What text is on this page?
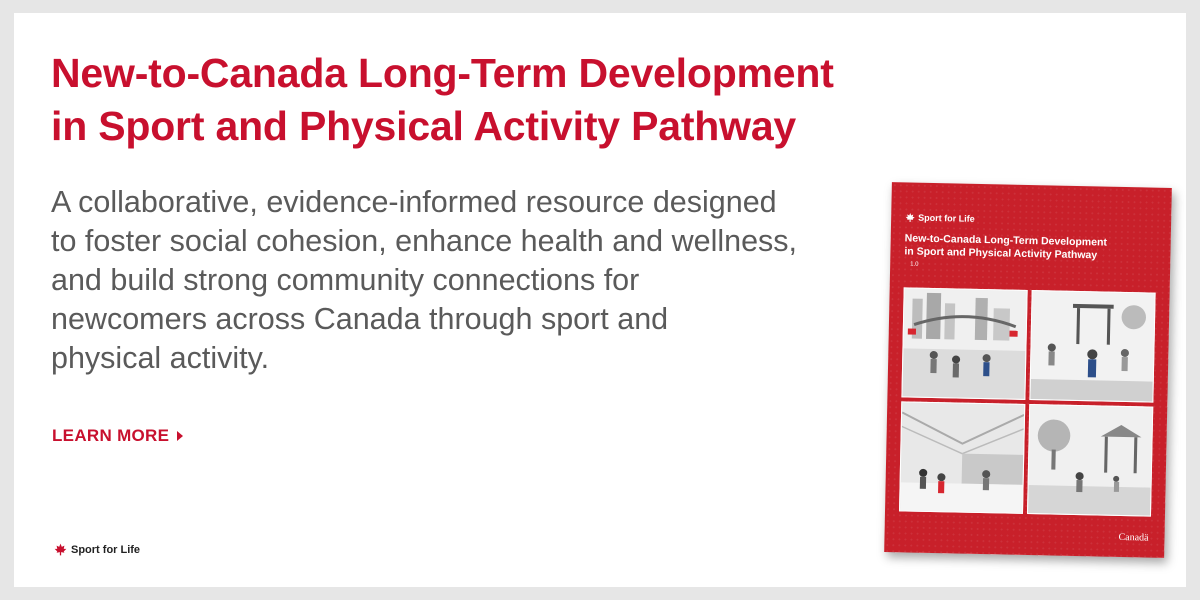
New-to-Canada Long-Term Development
in Sport and Physical Activity Pathway

A collaborative, evidence-informed resource designed
to foster social cohesion, enhance health and wellness,
and build strong community connections for
newcomers across Canada through sport and
physical activity.

LEARN MORE
Sport for Life
Sport for Life
New-to-Canada Long-Term Development
in Sport and Physical Activity Pathway
1.0
Canadä
